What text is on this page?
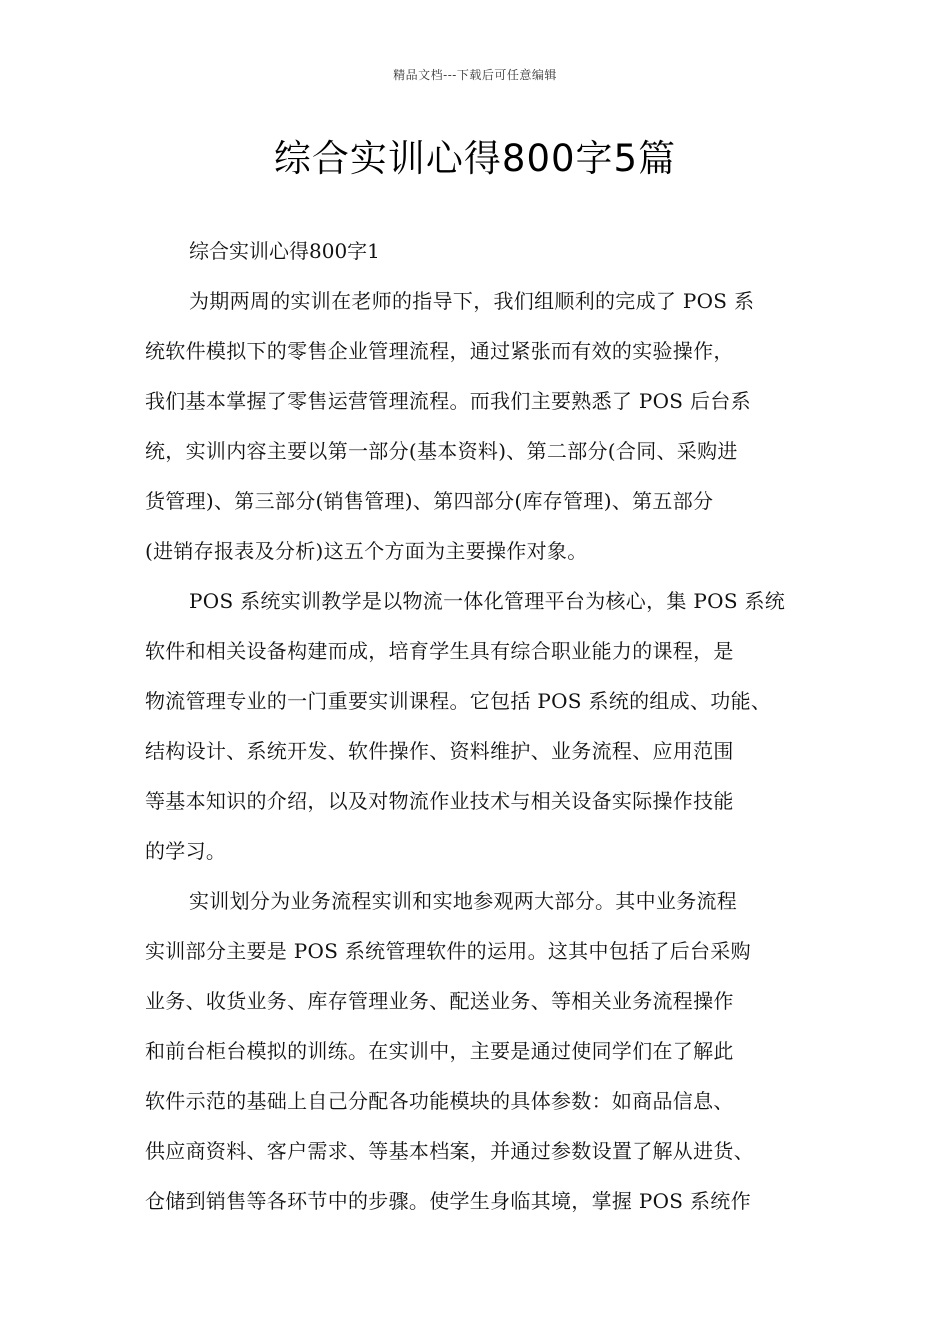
精品文档---下载后可任意编辑
综合实训心得800字5篇
综合实训心得800字1
为期两周的实训在老师的指导下，我们组顺利的完成了 POS 系
统软件模拟下的零售企业管理流程，通过紧张而有效的实验操作，
我们基本掌握了零售运营管理流程。而我们主要熟悉了 POS 后台系
统，实训内容主要以第一部分(基本资料)、第二部分(合同、采购进
货管理)、第三部分(销售管理)、第四部分(库存管理)、第五部分
(进销存报表及分析)这五个方面为主要操作对象。
POS 系统实训教学是以物流一体化管理平台为核心，集 POS 系统
软件和相关设备构建而成，培育学生具有综合职业能力的课程，是
物流管理专业的一门重要实训课程。它包括 POS 系统的组成、功能、
结构设计、系统开发、软件操作、资料维护、业务流程、应用范围
等基本知识的介绍，以及对物流作业技术与相关设备实际操作技能
的学习。
实训划分为业务流程实训和实地参观两大部分。其中业务流程
实训部分主要是 POS 系统管理软件的运用。这其中包括了后台采购
业务、收货业务、库存管理业务、配送业务、等相关业务流程操作
和前台柜台模拟的训练。在实训中，主要是通过使同学们在了解此
软件示范的基础上自己分配各功能模块的具体参数：如商品信息、
供应商资料、客户需求、等基本档案，并通过参数设置了解从进货、
仓储到销售等各环节中的步骤。使学生身临其境，掌握 POS 系统作
